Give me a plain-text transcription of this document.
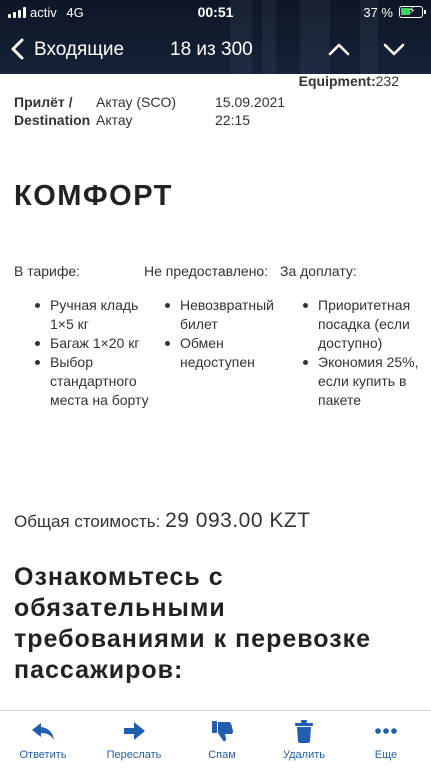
activ 4G	00:51	37 % ⚡
Входящие 18 из 300
Equipment:232
Прилёт / Актау (SCO)	15.09.2021
Destination Актау	22:15
КОМФОРТ
В тарифе:	Не предоставлено: За доплату:
Ручная кладь 1×5 кг
Багаж 1×20 кг
Выбор стандартного места на борту
Невозвратный билет
Обмен недоступен
Приоритетная посадка (если доступно)
Экономия 25%, если купить в пакете
Общая стоимость: 29 093.00 KZT
Ознакомьтесь с обязательными требованиями к перевозке пассажиров:
Ответить	Переслать	Спам	Удалить	Еще
